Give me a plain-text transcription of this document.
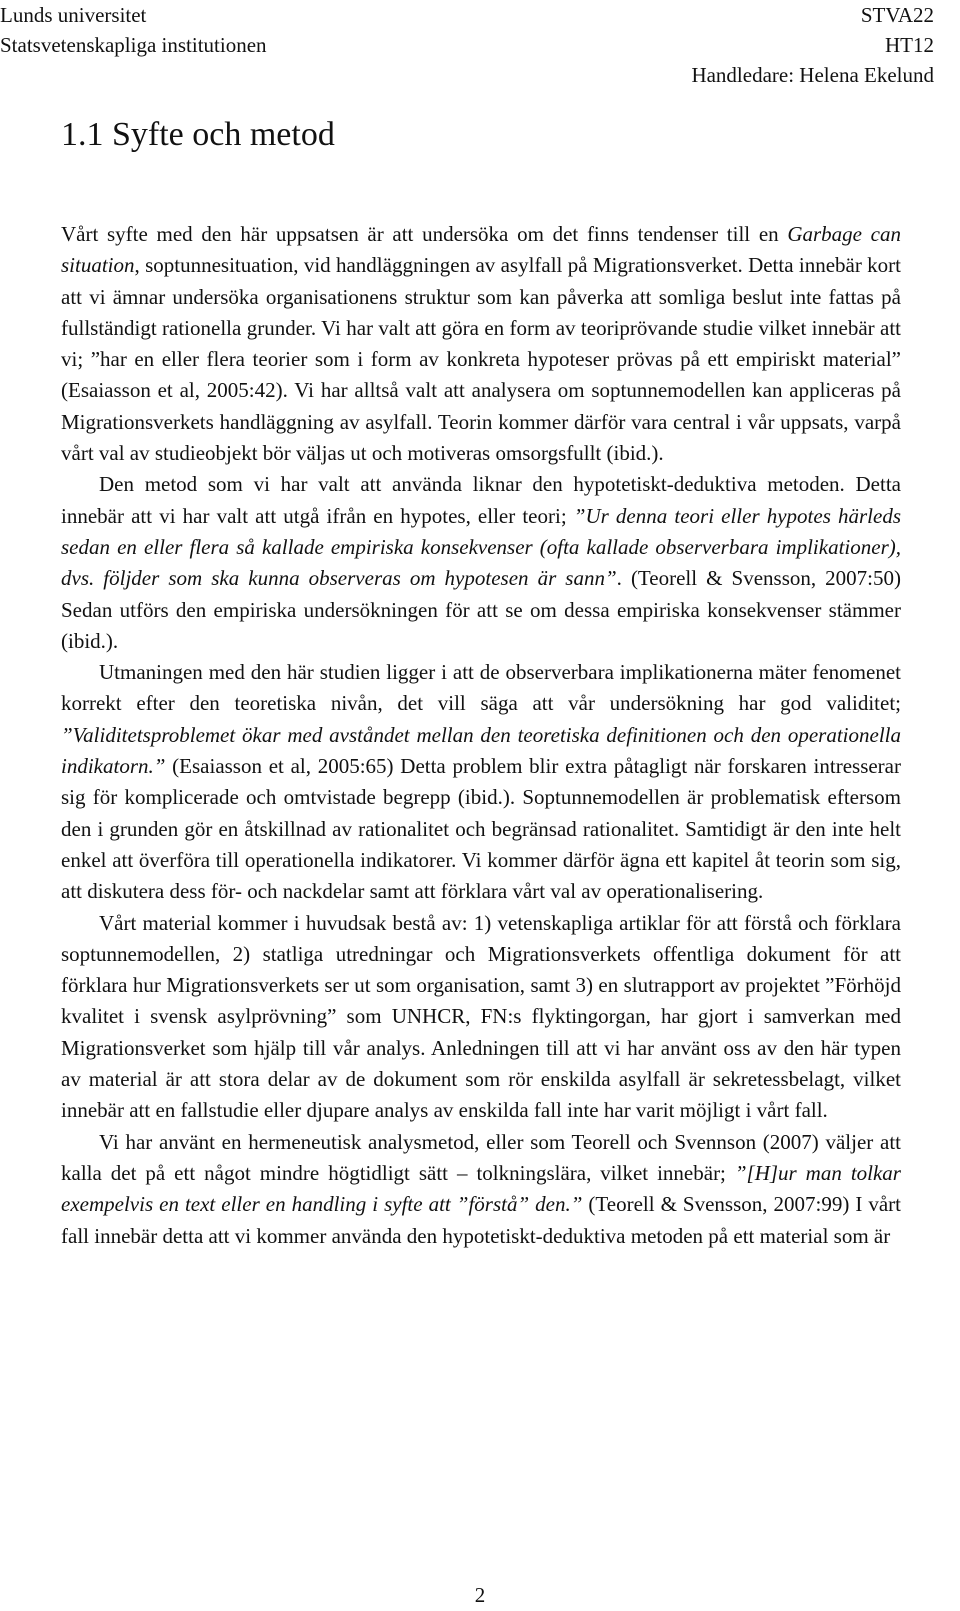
Lunds universitet
Statsvetenskapliga institutionen
STVA22
HT12
Handledare: Helena Ekelund
1.1 Syfte och metod

Vårt syfte med den här uppsatsen är att undersöka om det finns tendenser till en Garbage can situation, soptunnesituation, vid handläggningen av asylfall på Migrationsverket. Detta innebär kort att vi ämnar undersöka organisationens struktur som kan påverka att somliga beslut inte fattas på fullständigt rationella grunder. Vi har valt att göra en form av teoriprövande studie vilket innebär att vi; ”har en eller flera teorier som i form av konkreta hypoteser prövas på ett empiriskt material” (Esaiasson et al, 2005:42). Vi har alltså valt att analysera om soptunnemodellen kan appliceras på Migrationsverkets handläggning av asylfall. Teorin kommer därför vara central i vår uppsats, varpå vårt val av studieobjekt bör väljas ut och motiveras omsorgsfullt (ibid.).

Den metod som vi har valt att använda liknar den hypotetiskt-deduktiva metoden. Detta innebär att vi har valt att utgå ifrån en hypotes, eller teori; ”Ur denna teori eller hypotes härleds sedan en eller flera så kallade empiriska konsekvenser (ofta kallade observerbara implikationer), dvs. följder som ska kunna observeras om hypotesen är sann”. (Teorell & Svensson, 2007:50) Sedan utförs den empiriska undersökningen för att se om dessa empiriska konsekvenser stämmer (ibid.).

Utmaningen med den här studien ligger i att de observerbara implikationerna mäter fenomenet korrekt efter den teoretiska nivån, det vill säga att vår undersökning har god validitet; ”Validitetsproblemet ökar med avståndet mellan den teoretiska definitionen och den operationella indikatorn.” (Esaiasson et al, 2005:65) Detta problem blir extra påtagligt när forskaren intresserar sig för komplicerade och omtvistade begrepp (ibid.). Soptunnemodellen är problematisk eftersom den i grunden gör en åtskillnad av rationalitet och begränsad rationalitet. Samtidigt är den inte helt enkel att överföra till operationella indikatorer. Vi kommer därför ägna ett kapitel åt teorin som sig, att diskutera dess för- och nackdelar samt att förklara vårt val av operationalisering.

Vårt material kommer i huvudsak bestå av: 1) vetenskapliga artiklar för att förstå och förklara soptunnemodellen, 2) statliga utredningar och Migrationsverkets offentliga dokument för att förklara hur Migrationsverkets ser ut som organisation, samt 3) en slutrapport av projektet ”Förhöjd kvalitet i svensk asylprövning” som UNHCR, FN:s flyktingorgan, har gjort i samverkan med Migrationsverket som hjälp till vår analys. Anledningen till att vi har använt oss av den här typen av material är att stora delar av de dokument som rör enskilda asylfall är sekretessbelagt, vilket innebär att en fallstudie eller djupare analys av enskilda fall inte har varit möjligt i vårt fall.

Vi har använt en hermeneutisk analysmetod, eller som Teorell och Svennson (2007) väljer att kalla det på ett något mindre högtidligt sätt – tolkningslära, vilket innebär; ”[H]ur man tolkar exempelvis en text eller en handling i syfte att ”förstå” den.” (Teorell & Svensson, 2007:99) I vårt fall innebär detta att vi kommer använda den hypotetiskt-deduktiva metoden på ett material som är

2
